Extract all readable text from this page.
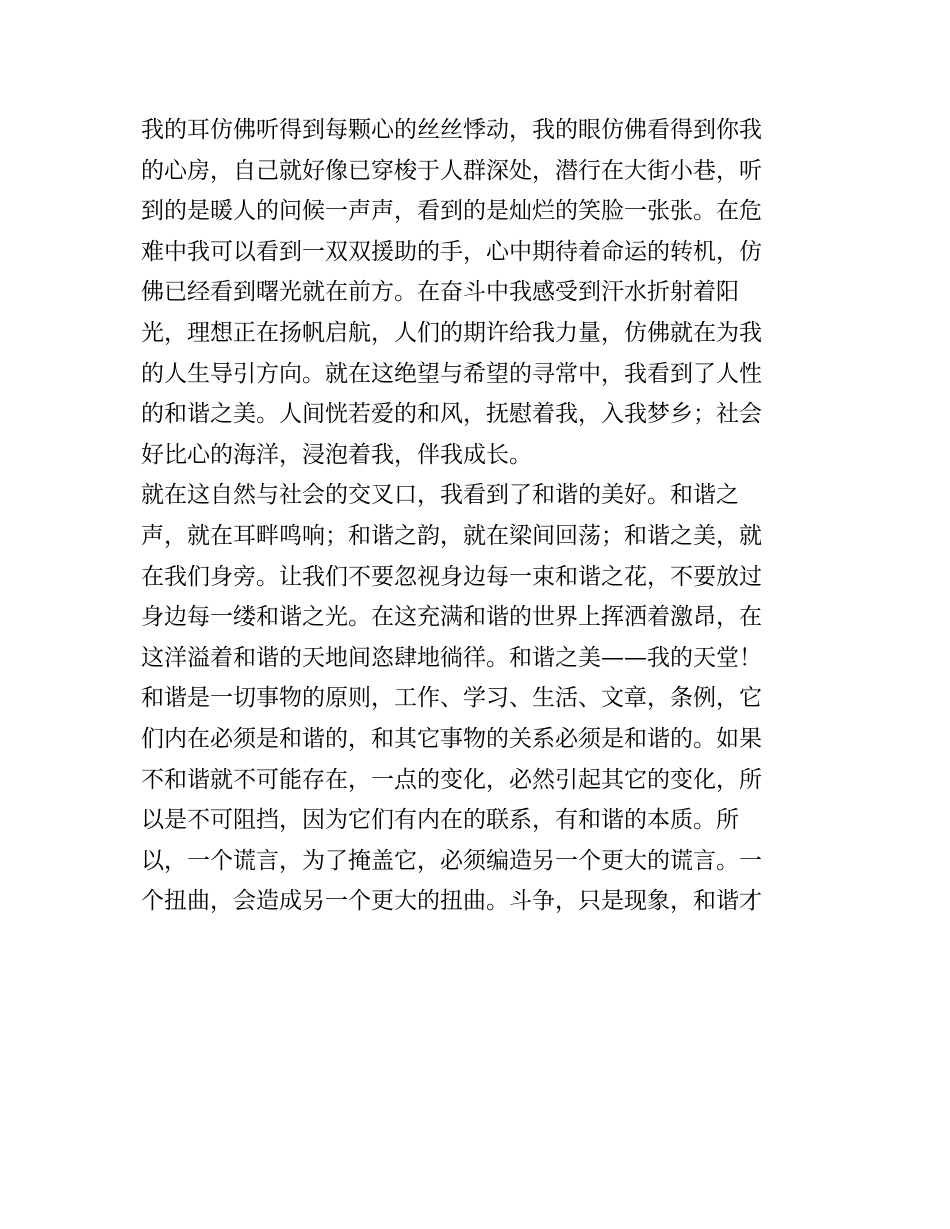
我的耳仿佛听得到每颗心的丝丝悸动，我的眼仿佛看得到你我
的心房，自己就好像已穿梭于人群深处，潜行在大街小巷，听
到的是暖人的问候一声声，看到的是灿烂的笑脸一张张。在危
难中我可以看到一双双援助的手，心中期待着命运的转机，仿
佛已经看到曙光就在前方。在奋斗中我感受到汗水折射着阳
光，理想正在扬帆启航，人们的期许给我力量，仿佛就在为我
的人生导引方向。就在这绝望与希望的寻常中，我看到了人性
的和谐之美。人间恍若爱的和风，抚慰着我，入我梦乡；社会
好比心的海洋，浸泡着我，伴我成长。
就在这自然与社会的交叉口，我看到了和谐的美好。和谐之
声，就在耳畔鸣响；和谐之韵，就在梁间回荡；和谐之美，就
在我们身旁。让我们不要忽视身边每一束和谐之花，不要放过
身边每一缕和谐之光。在这充满和谐的世界上挥洒着激昂，在
这洋溢着和谐的天地间恣肆地徜徉。和谐之美——我的天堂！
和谐是一切事物的原则，工作、学习、生活、文章，条例，它
们内在必须是和谐的，和其它事物的关系必须是和谐的。如果
不和谐就不可能存在，一点的变化，必然引起其它的变化，所
以是不可阻挡，因为它们有内在的联系，有和谐的本质。所
以，一个谎言，为了掩盖它，必须编造另一个更大的谎言。一
个扭曲，会造成另一个更大的扭曲。斗争，只是现象，和谐才
